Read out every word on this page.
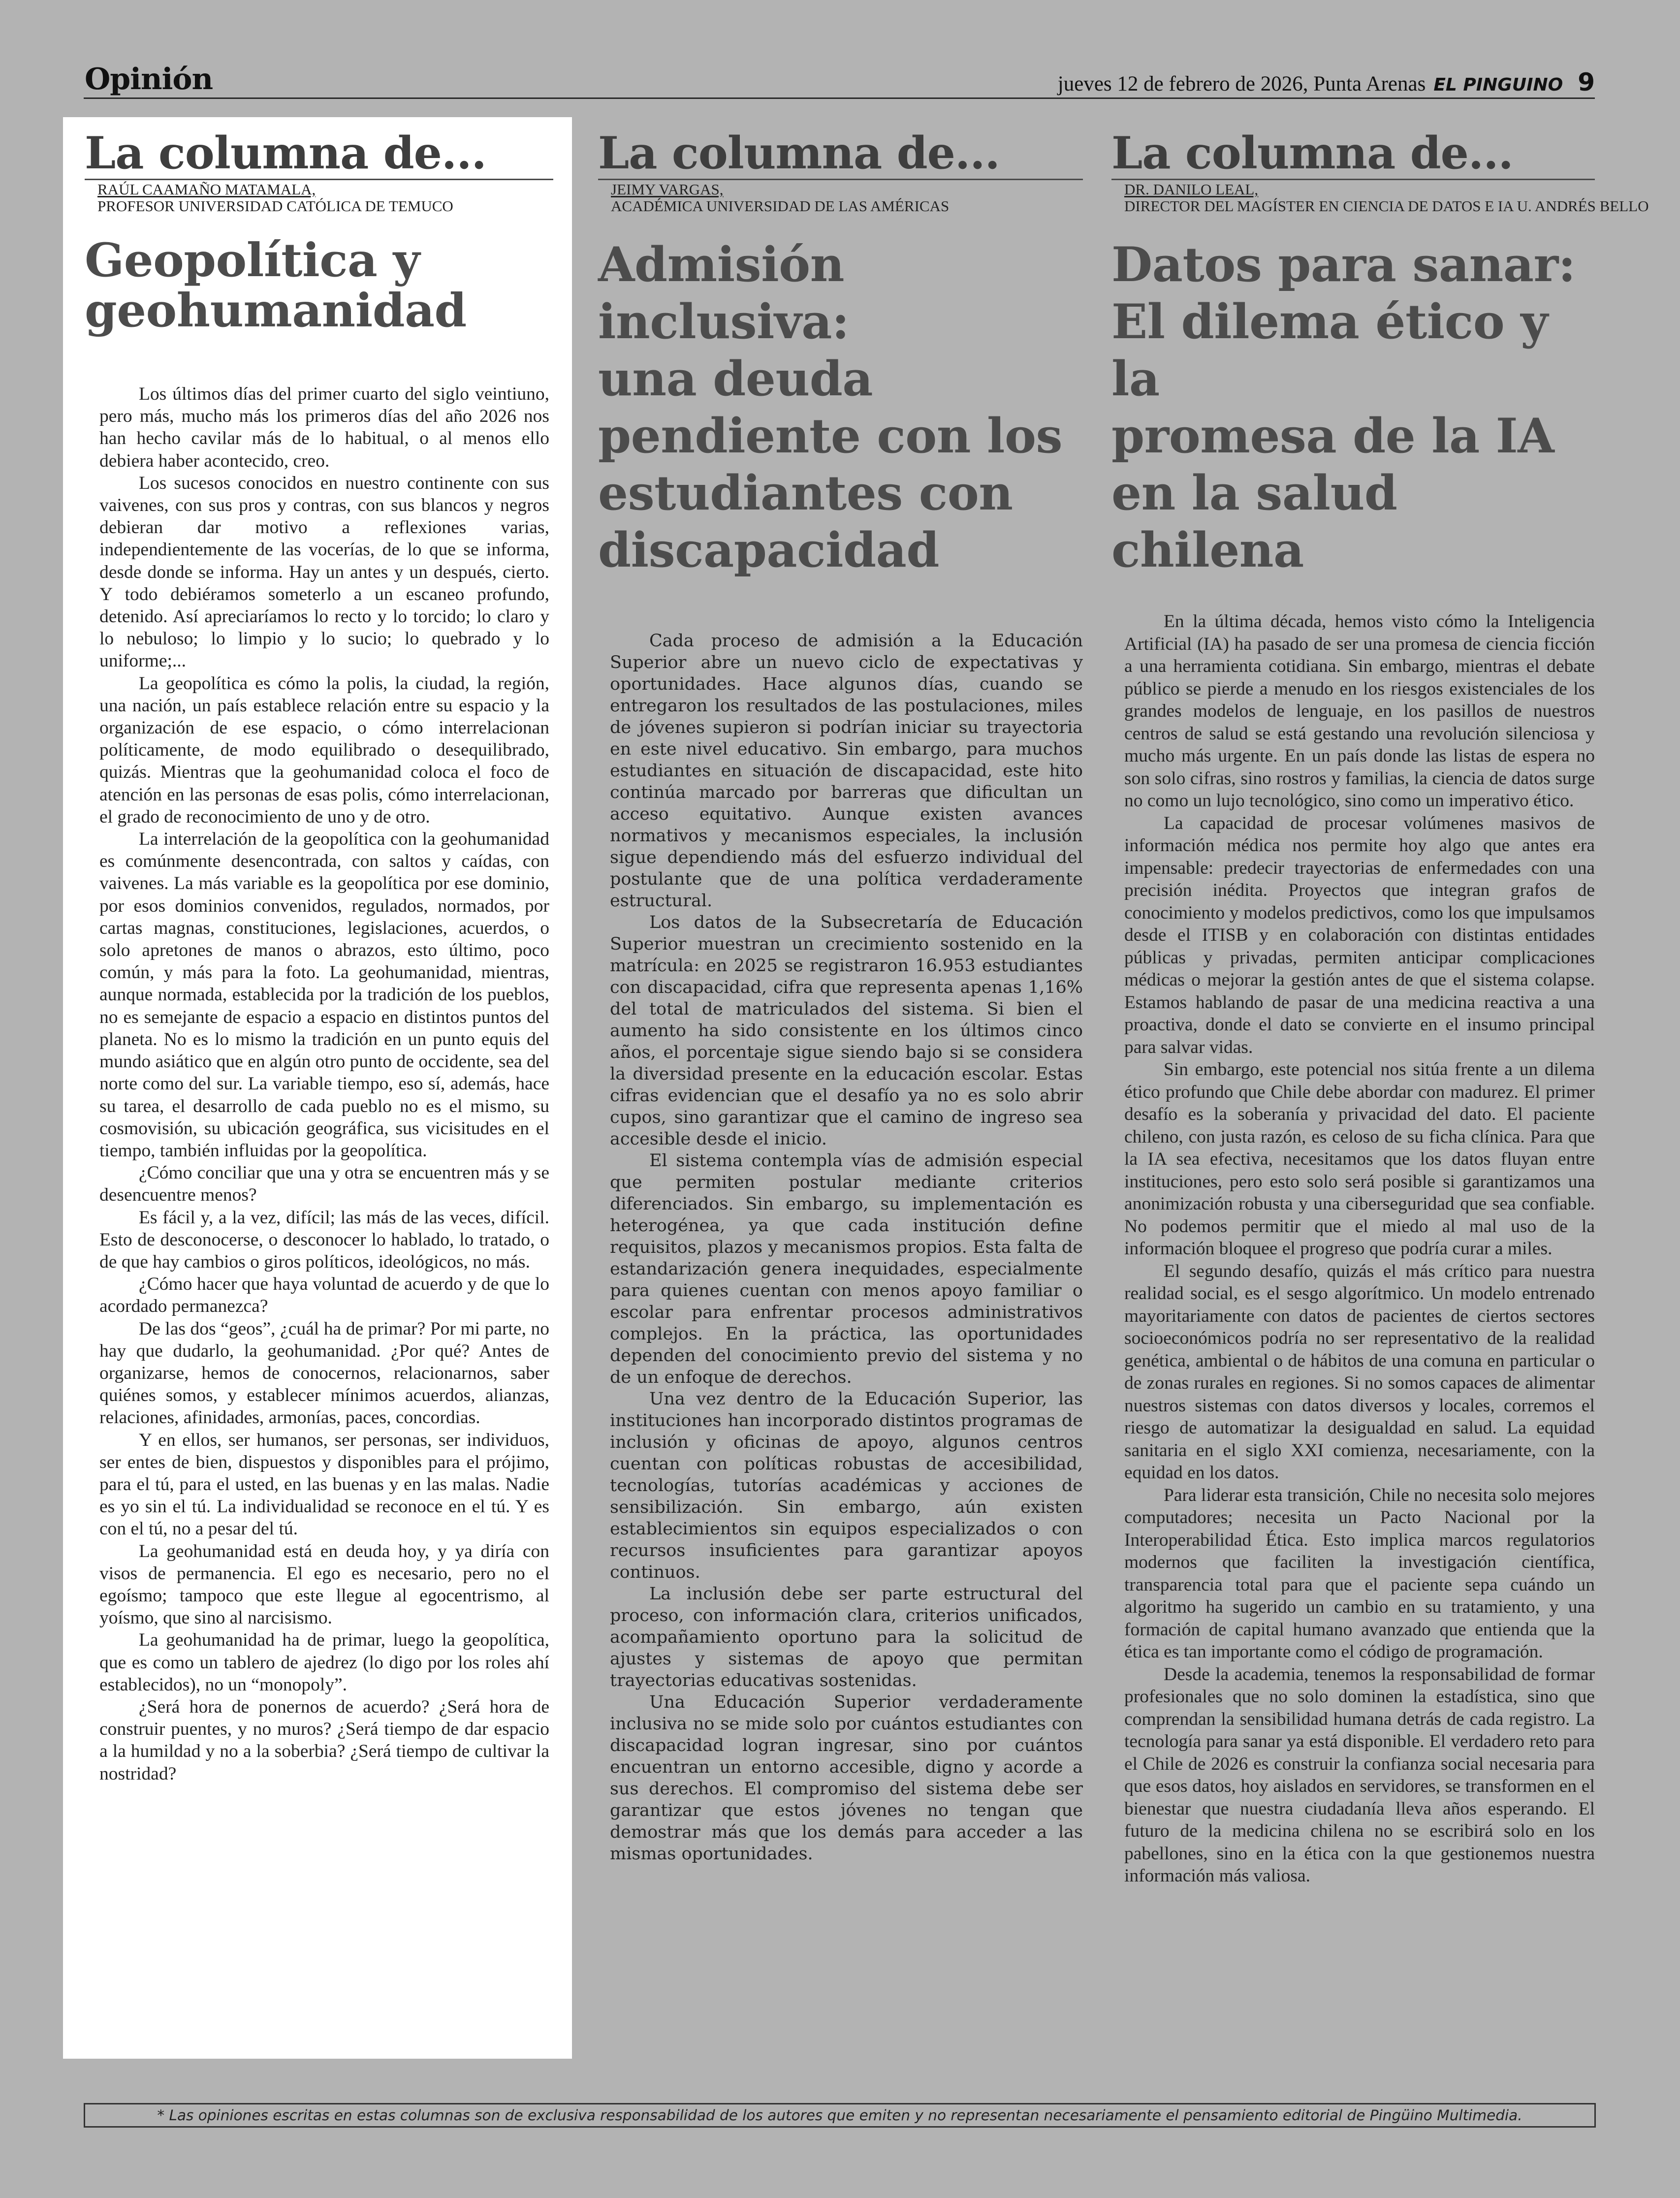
Opinión	jueves 12 de febrero de 2026, Punta Arenas EL PINGUINO 9
La columna de...
RAÚL CAAMAÑO MATAMALA,
PROFESOR UNIVERSIDAD CATÓLICA DE TEMUCO
Geopolítica y
geohumanidad

Los últimos días del primer cuarto del siglo veintiuno, pero más, mucho más los primeros días del año 2026 nos han hecho cavilar más de lo habitual, o al menos ello debiera haber acontecido, creo.

Los sucesos conocidos en nuestro continente con sus vaivenes, con sus pros y contras, con sus blancos y negros debieran dar motivo a reflexiones varias, independientemente de las vocerías, de lo que se informa, desde donde se informa. Hay un antes y un después, cierto. Y todo debiéramos someterlo a un escaneo profundo, detenido. Así apreciaríamos lo recto y lo torcido; lo claro y lo nebuloso; lo limpio y lo sucio; lo quebrado y lo uniforme;...

La geopolítica es cómo la polis, la ciudad, la región, una nación, un país establece relación entre su espacio y la organización de ese espacio, o cómo interrelacionan políticamente, de modo equilibrado o desequilibrado, quizás. Mientras que la geohumanidad coloca el foco de atención en las personas de esas polis, cómo interrelacionan, el grado de reconocimiento de uno y de otro.

La interrelación de la geopolítica con la geohumanidad es comúnmente desencontrada, con saltos y caídas, con vaivenes. La más variable es la geopolítica por ese dominio, por esos dominios convenidos, regulados, normados, por cartas magnas, constituciones, legislaciones, acuerdos, o solo apretones de manos o abrazos, esto último, poco común, y más para la foto. La geohumanidad, mientras, aunque normada, establecida por la tradición de los pueblos, no es semejante de espacio a espacio en distintos puntos del planeta. No es lo mismo la tradición en un punto equis del mundo asiático que en algún otro punto de occidente, sea del norte como del sur. La variable tiempo, eso sí, además, hace su tarea, el desarrollo de cada pueblo no es el mismo, su cosmovisión, su ubicación geográfica, sus vicisitudes en el tiempo, también influidas por la geopolítica.

¿Cómo conciliar que una y otra se encuentren más y se desencuentre menos?

Es fácil y, a la vez, difícil; las más de las veces, difícil. Esto de desconocerse, o desconocer lo hablado, lo tratado, o de que hay cambios o giros políticos, ideológicos, no más.

¿Cómo hacer que haya voluntad de acuerdo y de que lo acordado permanezca?

De las dos “geos”, ¿cuál ha de primar? Por mi parte, no hay que dudarlo, la geohumanidad. ¿Por qué? Antes de organizarse, hemos de conocernos, relacionarnos, saber quiénes somos, y establecer mínimos acuerdos, alianzas, relaciones, afinidades, armonías, paces, concordias.

Y en ellos, ser humanos, ser personas, ser individuos, ser entes de bien, dispuestos y disponibles para el prójimo, para el tú, para el usted, en las buenas y en las malas. Nadie es yo sin el tú. La individualidad se reconoce en el tú. Y es con el tú, no a pesar del tú.

La geohumanidad está en deuda hoy, y ya diría con visos de permanencia. El ego es necesario, pero no el egoísmo; tampoco que este llegue al egocentrismo, al yoísmo, que sino al narcisismo.

La geohumanidad ha de primar, luego la geopolítica, que es como un tablero de ajedrez (lo digo por los roles ahí establecidos), no un “monopoly”.

¿Será hora de ponernos de acuerdo? ¿Será hora de construir puentes, y no muros? ¿Será tiempo de dar espacio a la humildad y no a la soberbia? ¿Será tiempo de cultivar la nostridad?

La columna de...
JEIMY VARGAS,
ACADÉMICA UNIVERSIDAD DE LAS AMÉRICAS
Admisión inclusiva:
una deuda
pendiente con los
estudiantes con
discapacidad

Cada proceso de admisión a la Educación Superior abre un nuevo ciclo de expectativas y oportunidades. Hace algunos días, cuando se entregaron los resultados de las postulaciones, miles de jóvenes supieron si podrían iniciar su trayectoria en este nivel educativo. Sin embargo, para muchos estudiantes en situación de discapacidad, este hito continúa marcado por barreras que dificultan un acceso equitativo. Aunque existen avances normativos y mecanismos especiales, la inclusión sigue dependiendo más del esfuerzo individual del postulante que de una política verdaderamente estructural.

Los datos de la Subsecretaría de Educación Superior muestran un crecimiento sostenido en la matrícula: en 2025 se registraron 16.953 estudiantes con discapacidad, cifra que representa apenas 1,16% del total de matriculados del sistema. Si bien el aumento ha sido consistente en los últimos cinco años, el porcentaje sigue siendo bajo si se considera la diversidad presente en la educación escolar. Estas cifras evidencian que el desafío ya no es solo abrir cupos, sino garantizar que el camino de ingreso sea accesible desde el inicio.

El sistema contempla vías de admisión especial que permiten postular mediante criterios diferenciados. Sin embargo, su implementación es heterogénea, ya que cada institución define requisitos, plazos y mecanismos propios. Esta falta de estandarización genera inequidades, especialmente para quienes cuentan con menos apoyo familiar o escolar para enfrentar procesos administrativos complejos. En la práctica, las oportunidades dependen del conocimiento previo del sistema y no de un enfoque de derechos.

Una vez dentro de la Educación Superior, las instituciones han incorporado distintos programas de inclusión y oficinas de apoyo, algunos centros cuentan con políticas robustas de accesibilidad, tecnologías, tutorías académicas y acciones de sensibilización. Sin embargo, aún existen establecimientos sin equipos especializados o con recursos insuficientes para garantizar apoyos continuos.

La inclusión debe ser parte estructural del proceso, con información clara, criterios unificados, acompañamiento oportuno para la solicitud de ajustes y sistemas de apoyo que permitan trayectorias educativas sostenidas.

Una Educación Superior verdaderamente inclusiva no se mide solo por cuántos estudiantes con discapacidad logran ingresar, sino por cuántos encuentran un entorno accesible, digno y acorde a sus derechos. El compromiso del sistema debe ser garantizar que estos jóvenes no tengan que demostrar más que los demás para acceder a las mismas oportunidades.

La columna de...
DR. DANILO LEAL,
DIRECTOR DEL MAGÍSTER EN CIENCIA DE DATOS E IA U. ANDRÉS BELLO
Datos para sanar:
El dilema ético y la
promesa de la IA
en la salud chilena

En la última década, hemos visto cómo la Inteligencia Artificial (IA) ha pasado de ser una promesa de ciencia ficción a una herramienta cotidiana. Sin embargo, mientras el debate público se pierde a menudo en los riesgos existenciales de los grandes modelos de lenguaje, en los pasillos de nuestros centros de salud se está gestando una revolución silenciosa y mucho más urgente. En un país donde las listas de espera no son solo cifras, sino rostros y familias, la ciencia de datos surge no como un lujo tecnológico, sino como un imperativo ético.

La capacidad de procesar volúmenes masivos de información médica nos permite hoy algo que antes era impensable: predecir trayectorias de enfermedades con una precisión inédita. Proyectos que integran grafos de conocimiento y modelos predictivos, como los que impulsamos desde el ITISB y en colaboración con distintas entidades públicas y privadas, permiten anticipar complicaciones médicas o mejorar la gestión antes de que el sistema colapse. Estamos hablando de pasar de una medicina reactiva a una proactiva, donde el dato se convierte en el insumo principal para salvar vidas.

Sin embargo, este potencial nos sitúa frente a un dilema ético profundo que Chile debe abordar con madurez. El primer desafío es la soberanía y privacidad del dato. El paciente chileno, con justa razón, es celoso de su ficha clínica. Para que la IA sea efectiva, necesitamos que los datos fluyan entre instituciones, pero esto solo será posible si garantizamos una anonimización robusta y una ciberseguridad que sea confiable. No podemos permitir que el miedo al mal uso de la información bloquee el progreso que podría curar a miles.

El segundo desafío, quizás el más crítico para nuestra realidad social, es el sesgo algorítmico. Un modelo entrenado mayoritariamente con datos de pacientes de ciertos sectores socioeconómicos podría no ser representativo de la realidad genética, ambiental o de hábitos de una comuna en particular o de zonas rurales en regiones. Si no somos capaces de alimentar nuestros sistemas con datos diversos y locales, corremos el riesgo de automatizar la desigualdad en salud. La equidad sanitaria en el siglo XXI comienza, necesariamente, con la equidad en los datos.

Para liderar esta transición, Chile no necesita solo mejores computadores; necesita un Pacto Nacional por la Interoperabilidad Ética. Esto implica marcos regulatorios modernos que faciliten la investigación científica, transparencia total para que el paciente sepa cuándo un algoritmo ha sugerido un cambio en su tratamiento, y una formación de capital humano avanzado que entienda que la ética es tan importante como el código de programación.

Desde la academia, tenemos la responsabilidad de formar profesionales que no solo dominen la estadística, sino que comprendan la sensibilidad humana detrás de cada registro. La tecnología para sanar ya está disponible. El verdadero reto para el Chile de 2026 es construir la confianza social necesaria para que esos datos, hoy aislados en servidores, se transformen en el bienestar que nuestra ciudadanía lleva años esperando. El futuro de la medicina chilena no se escribirá solo en los pabellones, sino en la ética con la que gestionemos nuestra información más valiosa.

* Las opiniones escritas en estas columnas son de exclusiva responsabilidad de los autores que emiten y no representan necesariamente el pensamiento editorial de Pingüino Multimedia.
